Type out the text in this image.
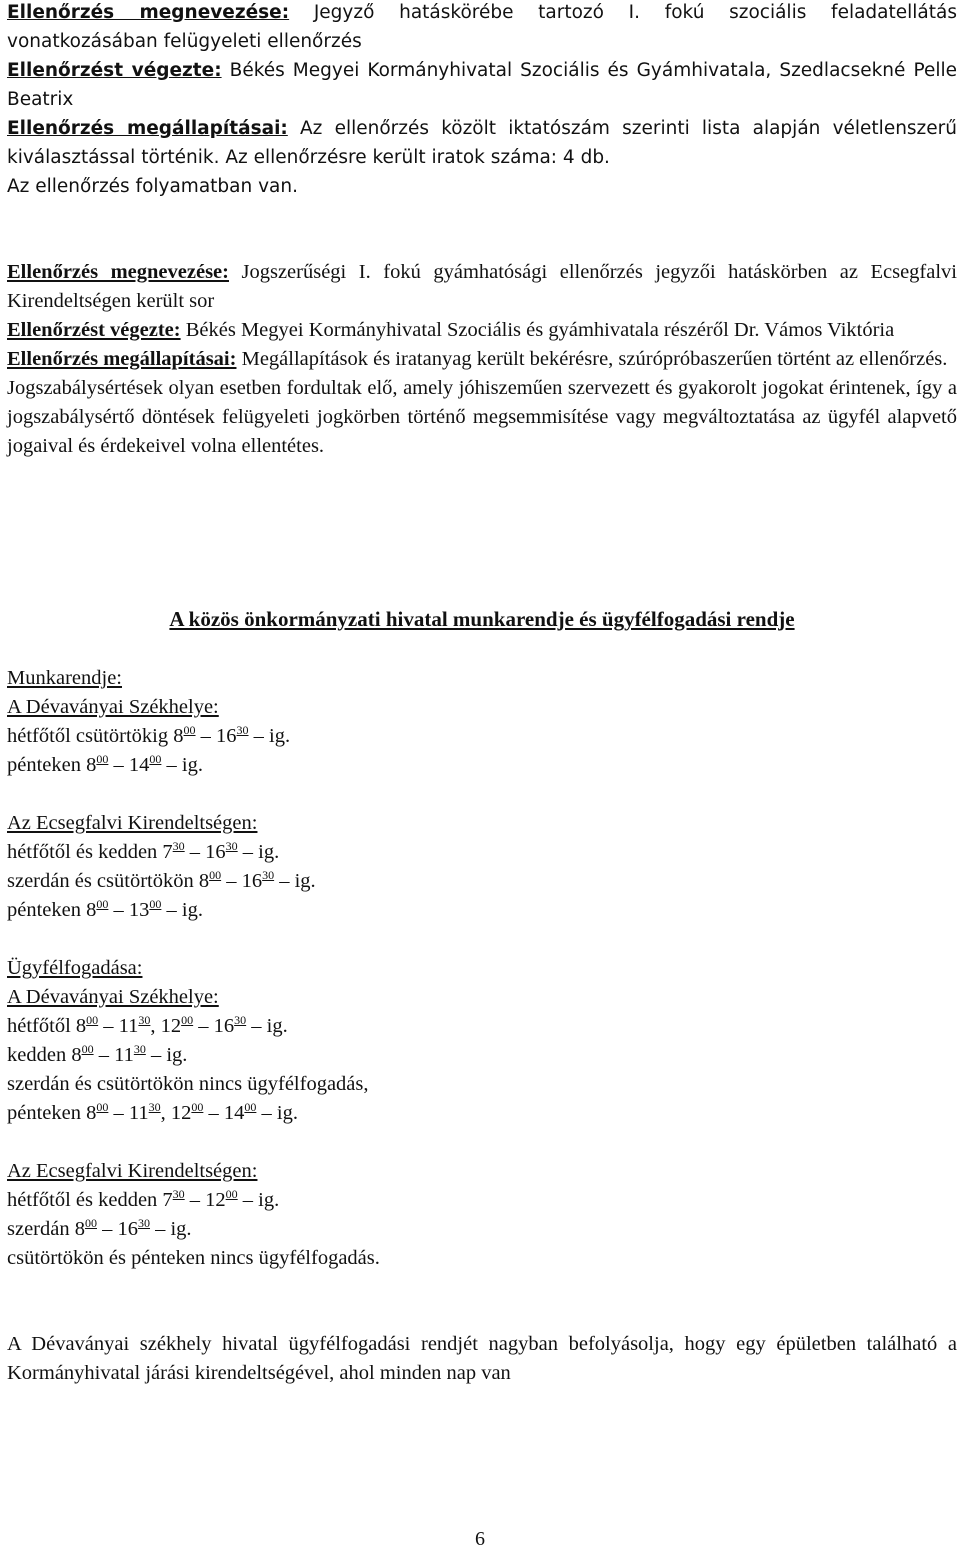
Ellenőrzés megnevezése: Jegyző hatáskörébe tartozó I. fokú szociális feladatellátás vonatkozásában felügyeleti ellenőrzés

Ellenőrzést végezte: Békés Megyei Kormányhivatal Szociális és Gyámhivatala, Szedlacsekné Pelle Beatrix

Ellenőrzés megállapításai: Az ellenőrzés közölt iktatószám szerinti lista alapján véletlenszerű kiválasztással történik. Az ellenőrzésre került iratok száma: 4 db.

Az ellenőrzés folyamatban van.

Ellenőrzés megnevezése: Jogszerűségi I. fokú gyámhatósági ellenőrzés jegyzői hatáskörben az Ecsegfalvi Kirendeltségen került sor

Ellenőrzést végezte: Békés Megyei Kormányhivatal Szociális és gyámhivatala részéről Dr. Vámos Viktória

Ellenőrzés megállapításai: Megállapítások és iratanyag került bekérésre, szúrópróbaszerűen történt az ellenőrzés.

Jogszabálysértések olyan esetben fordultak elő, amely jóhiszeműen szervezett és gyakorolt jogokat érintenek, így a jogszabálysértő döntések felügyeleti jogkörben történő megsemmisítése vagy megváltoztatása az ügyfél alapvető jogaival és érdekeivel volna ellentétes.

A közös önkormányzati hivatal munkarendje és ügyfélfogadási rendje
Munkarendje:
A Dévaványai Székhelye:
hétfőtől csütörtökig $8^{00} - 16^{30}$ – ig.
pénteken $8^{00} - 14^{00}$ – ig.
Az Ecsegfalvi Kirendeltségen:
hétfőtől és kedden $7^{30} - 16^{30}$ – ig.
szerdán és csütörtökön $8^{00} - 16^{30}$ – ig.
pénteken $8^{00} - 13^{00}$ – ig.
Ügyfélfogadása:
A Dévaványai Székhelye:
hétfőtől $8^{00} - 11^{30}$, $12^{00} - 16^{30}$ – ig.
kedden $8^{00} - 11^{30}$ – ig.
szerdán és csütörtökön nincs ügyfélfogadás,
pénteken $8^{00} - 11^{30}$, $12^{00} - 14^{00}$ – ig.
Az Ecsegfalvi Kirendeltségen:
hétfőtől és kedden $7^{30} - 12^{00}$ – ig.
szerdán $8^{00} - 16^{30}$ – ig.
csütörtökön és pénteken nincs ügyfélfogadás.

A Dévaványai székhely hivatal ügyfélfogadási rendjét nagyban befolyásolja, hogy egy épületben található a Kormányhivatal járási kirendeltségével, ahol minden nap van

6
